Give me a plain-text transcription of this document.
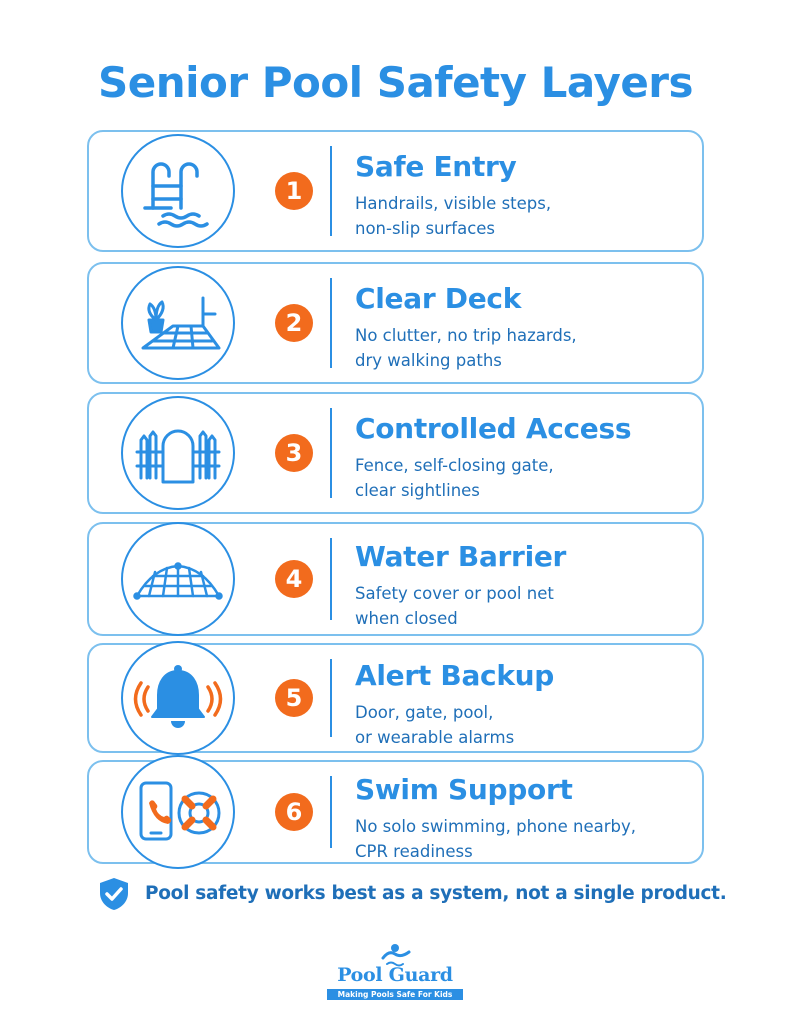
Senior Pool Safety Layers
1
Safe Entry
Handrails, visible steps,
non-slip surfaces
2
Clear Deck
No clutter, no trip hazards,
dry walking paths
3
Controlled Access
Fence, self-closing gate,
clear sightlines
4
Water Barrier
Safety cover or pool net
when closed
5
Alert Backup
Door, gate, pool,
or wearable alarms
6
Swim Support
No solo swimming, phone nearby,
CPR readiness
Pool safety works best as a system, not a single product.
Pool Guard
Making Pools Safe For Kids
